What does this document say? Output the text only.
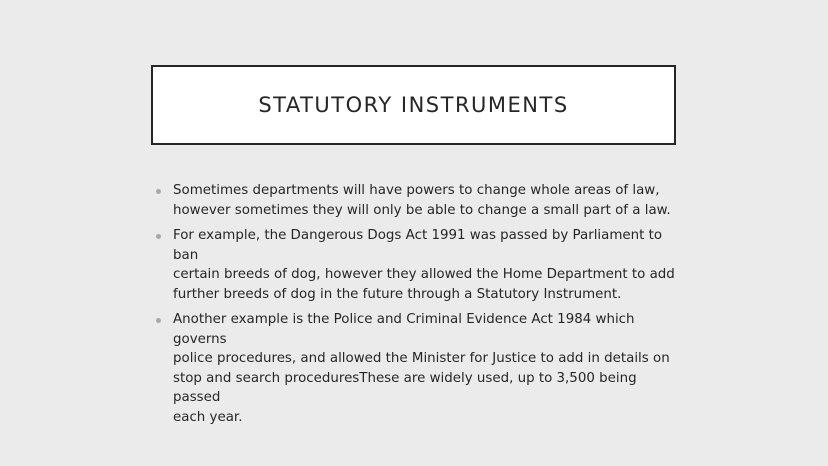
STATUTORY INSTRUMENTS
Sometimes departments will have powers to change whole areas of law,
however sometimes they will only be able to change a small part of a law.
For example, the Dangerous Dogs Act 1991 was passed by Parliament to ban
certain breeds of dog, however they allowed the Home Department to add
further breeds of dog in the future through a Statutory Instrument.
Another example is the Police and Criminal Evidence Act 1984 which governs
police procedures, and allowed the Minister for Justice to add in details on
stop and search proceduresThese are widely used, up to 3,500 being passed
each year.
